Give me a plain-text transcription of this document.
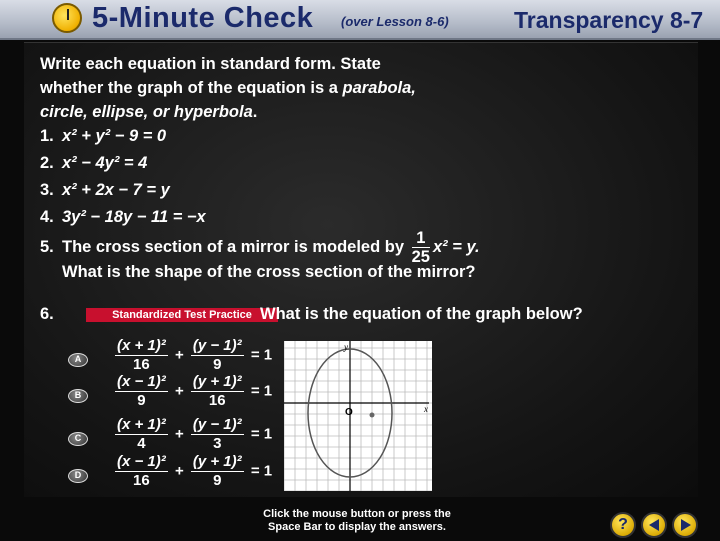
5-Minute Check (over Lesson 8-6)	Transparency 8-7
Write each equation in standard form. State
whether the graph of the equation is a parabola,
circle, ellipse, or hyperbola.
1. x² + y² − 9 = 0
2. x² − 4y² = 4
3. x² + 2x − 7 = y
4. 3y² − 18y − 11 = −x
5. The cross section of a mirror is modeled by $\frac{1}{25} x^2 = y$.
What is the shape of the cross section of the mirror?
6.	Standardized Test Practice What is the equation of the graph below?
A	$\frac{\text{(x + 1)²}}{16} + \frac{\text{(y − 1)²}}{9} = 1$
B	$\frac{\text{(x − 1)²}}{9} + \frac{\text{(y + 1)²}}{16} = 1$
C	$\frac{\text{(x + 1)²}}{4} + \frac{\text{(y − 1)²}}{3} = 1$
D	$\frac{\text{(x − 1)²}}{16} + \frac{\text{(y + 1)²}}{9} = 1$
x
y
O
Click the mouse button or press the
Space Bar to display the answers.	?
